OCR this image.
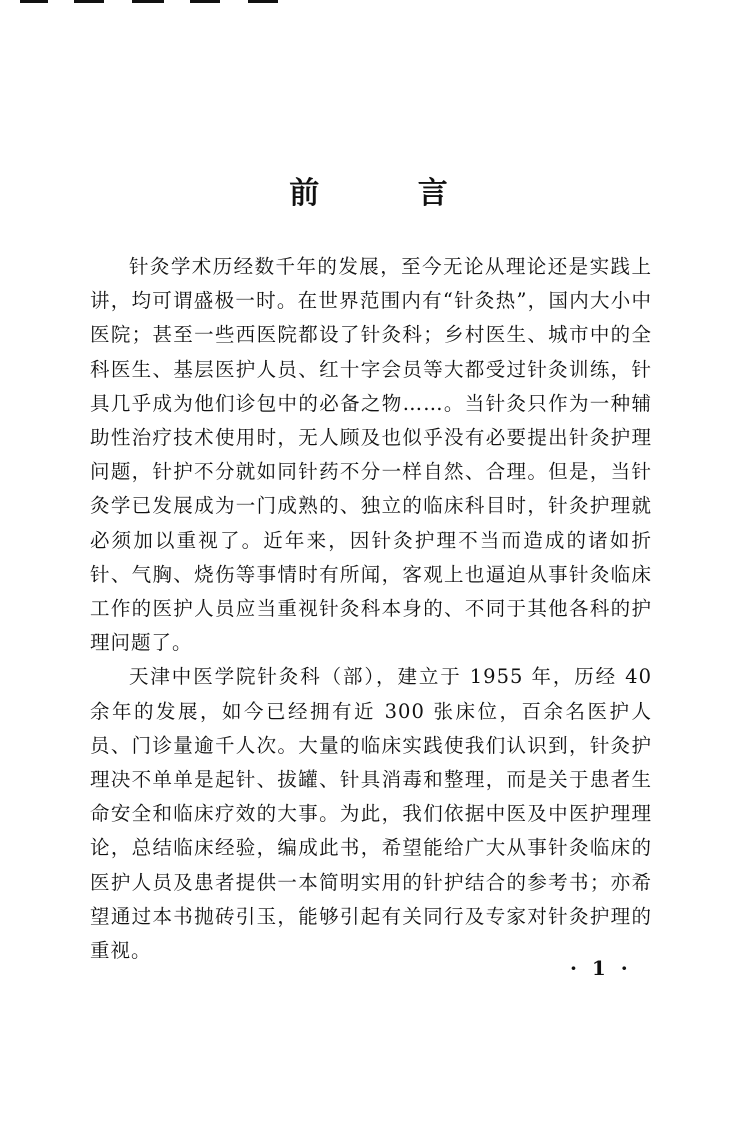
前 言

针灸学术历经数千年的发展，至今无论从理论还是实践上讲，均可谓盛极一时。在世界范围内有“针灸热”，国内大小中医院；甚至一些西医院都设了针灸科；乡村医生、城市中的全科医生、基层医护人员、红十字会员等大都受过针灸训练，针具几乎成为他们诊包中的必备之物……。当针灸只作为一种辅助性治疗技术使用时，无人顾及也似乎没有必要提出针灸护理问题，针护不分就如同针药不分一样自然、合理。但是，当针灸学已发展成为一门成熟的、独立的临床科目时，针灸护理就必须加以重视了。近年来，因针灸护理不当而造成的诸如折针、气胸、烧伤等事情时有所闻，客观上也逼迫从事针灸临床工作的医护人员应当重视针灸科本身的、不同于其他各科的护理问题了。

天津中医学院针灸科（部），建立于 1955 年，历经 40 余年的发展，如今已经拥有近 300 张床位，百余名医护人员、门诊量逾千人次。大量的临床实践使我们认识到，针灸护理决不单单是起针、拔罐、针具消毒和整理，而是关于患者生命安全和临床疗效的大事。为此，我们依据中医及中医护理理论，总结临床经验，编成此书，希望能给广大从事针灸临床的医护人员及患者提供一本简明实用的针护结合的参考书；亦希望通过本书抛砖引玉，能够引起有关同行及专家对针灸护理的重视。

· 1 ·
